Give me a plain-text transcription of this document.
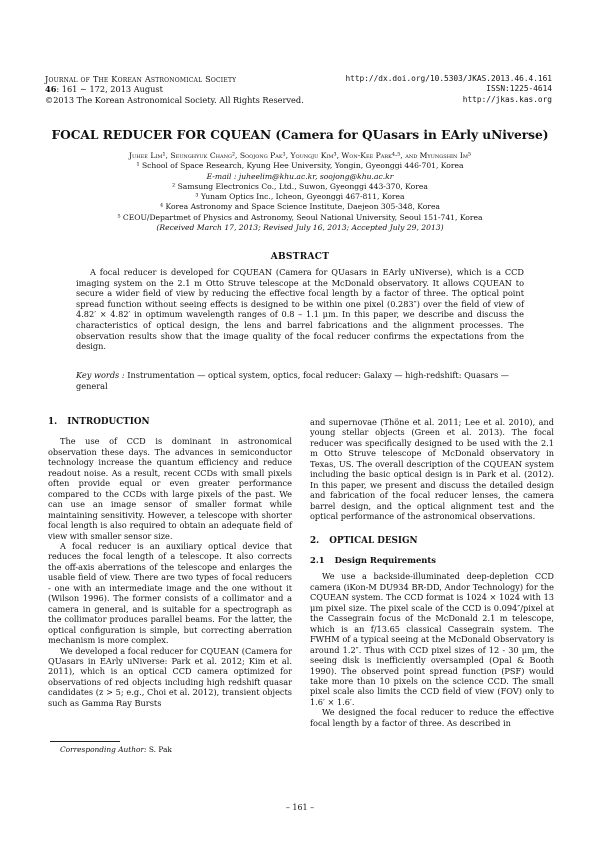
Journal of The Korean Astronomical Society
46: 161 ∼ 172, 2013 August
©2013 The Korean Astronomical Society. All Rights Reserved.
http://dx.doi.org/10.5303/JKAS.2013.46.4.161
ISSN:1225-4614
http://jkas.kas.org
FOCAL REDUCER FOR CQUEAN (Camera for QUasars in EArly uNiverse)
Juhee Lim¹, Seunghyuk Chang², Soojong Pak¹, Youngju Kim³, Won-Kee Park⁴·⁵, and Myungshin Im⁵
¹ School of Space Research, Kyung Hee University, Yongin, Gyeonggi 446-701, Korea
E-mail : juheelim@khu.ac.kr, soojong@khu.ac.kr
² Samsung Electronics Co., Ltd., Suwon, Gyeonggi 443-370, Korea
³ Yunam Optics Inc., Icheon, Gyeonggi 467-811, Korea
⁴ Korea Astronomy and Space Science Institute, Daejeon 305-348, Korea
⁵ CEOU/Departmet of Physics and Astronomy, Seoul National University, Seoul 151-741, Korea
(Received March 17, 2013; Revised July 16, 2013; Accepted July 29, 2013)
ABSTRACT
A focal reducer is developed for CQUEAN (Camera for QUasars in EArly uNiverse), which is a CCD imaging system on the 2.1 m Otto Struve telescope at the McDonald observatory. It allows CQUEAN to secure a wider field of view by reducing the effective focal length by a factor of three. The optical point spread function without seeing effects is designed to be within one pixel (0.283″) over the field of view of 4.82′ × 4.82′ in optimum wavelength ranges of 0.8 – 1.1 μm. In this paper, we describe and discuss the characteristics of optical design, the lens and barrel fabrications and the alignment processes. The observation results show that the image quality of the focal reducer confirms the expectations from the design.
Key words : Instrumentation — optical system, optics, focal reducer: Galaxy — high-redshift: Quasars — general
1. INTRODUCTION

The use of CCD is dominant in astronomical observation these days. The advances in semiconductor technology increase the quantum efficiency and reduce readout noise. As a result, recent CCDs with small pixels often provide equal or even greater performance compared to the CCDs with large pixels of the past. We can use an image sensor of smaller format while maintaining sensitivity. However, a telescope with shorter focal length is also required to obtain an adequate field of view with smaller sensor size.

A focal reducer is an auxiliary optical device that reduces the focal length of a telescope. It also corrects the off-axis aberrations of the telescope and enlarges the usable field of view. There are two types of focal reducers - one with an intermediate image and the one without it (Wilson 1996). The former consists of a collimator and a camera in general, and is suitable for a spectrograph as the collimator produces parallel beams. For the latter, the optical configuration is simple, but correcting aberration mechanism is more complex.

We developed a focal reducer for CQUEAN (Camera for QUasars in EArly uNiverse: Park et al. 2012; Kim et al. 2011), which is an optical CCD camera optimized for observations of red objects including high redshift quasar candidates (z > 5; e.g., Choi et al. 2012), transient objects such as Gamma Ray Bursts

and supernovae (Thöne et al. 2011; Lee et al. 2010), and young stellar objects (Green et al. 2013). The focal reducer was specifically designed to be used with the 2.1 m Otto Struve telescope of McDonald observatory in Texas, US. The overall description of the CQUEAN system including the basic optical design is in Park et al. (2012). In this paper, we present and discuss the detailed design and fabrication of the focal reducer lenses, the camera barrel design, and the optical alignment test and the optical performance of the astronomical observations.

2. OPTICAL DESIGN
2.1 Design Requirements

We use a backside-illuminated deep-depletion CCD camera (iKon-M DU934 BR-DD, Andor Technology) for the CQUEAN system. The CCD format is 1024 × 1024 with 13 μm pixel size. The pixel scale of the CCD is 0.094″/pixel at the Cassegrain focus of the McDonald 2.1 m telescope, which is an f/13.65 classical Cassegrain system. The FWHM of a typical seeing at the McDonald Observatory is around 1.2″. Thus with CCD pixel sizes of 12 - 30 μm, the seeing disk is inefficiently oversampled (Opal & Booth 1990). The observed point spread function (PSF) would take more than 10 pixels on the science CCD. The small pixel scale also limits the CCD field of view (FOV) only to 1.6′ × 1.6′.

We designed the focal reducer to reduce the effective focal length by a factor of three. As described in

Corresponding Author: S. Pak
– 161 –
